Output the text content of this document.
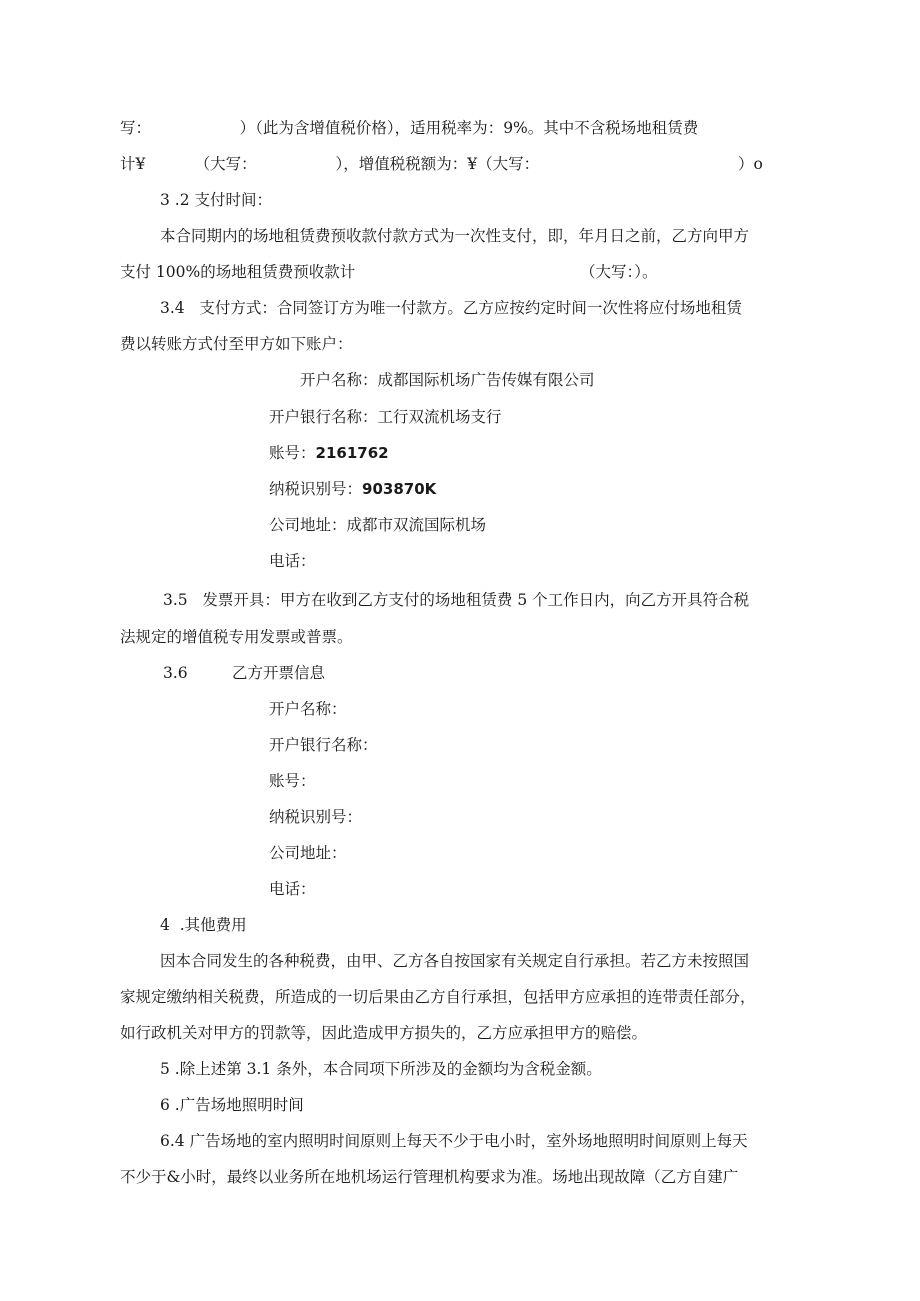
写：                  ）（此为含增值税价格），适用税率为：9%。其中不含税场地租赁费
计¥          （大写：                ），增值税税额为：¥（大写：	）o
3 .2 支付时间：
本合同期内的场地租赁费预收款付款方式为一次性支付，即，年月日之前，乙方向甲方
支付 100%的场地租赁费预收款计	（大写：）。
3.4   支付方式：合同签订方为唯一付款方。乙方应按约定时间一次性将应付场地租赁
费以转账方式付至甲方如下账户：
开户名称：成都国际机场广告传媒有限公司
开户银行名称：工行双流机场支行
账号：2161762
纳税识别号：903870K
公司地址：成都市双流国际机场
电话：
3.5   发票开具：甲方在收到乙方支付的场地租赁费 5 个工作日内，向乙方开具符合税
法规定的增值税专用发票或普票。
3.6         乙方开票信息
开户名称：
开户银行名称：
账号：
纳税识别号：
公司地址：
电话：
4  .其他费用
因本合同发生的各种税费，由甲、乙方各自按国家有关规定自行承担。若乙方未按照国
家规定缴纳相关税费，所造成的一切后果由乙方自行承担，包括甲方应承担的连带责任部分，
如行政机关对甲方的罚款等，因此造成甲方损失的，乙方应承担甲方的赔偿。
5 .除上述第 3.1 条外，本合同项下所涉及的金额均为含税金额。
6 .广告场地照明时间
6.4 广告场地的室内照明时间原则上每天不少于电小时，室外场地照明时间原则上每天
不少于&小时，最终以业务所在地机场运行管理机构要求为准。场地出现故障（乙方自建广
